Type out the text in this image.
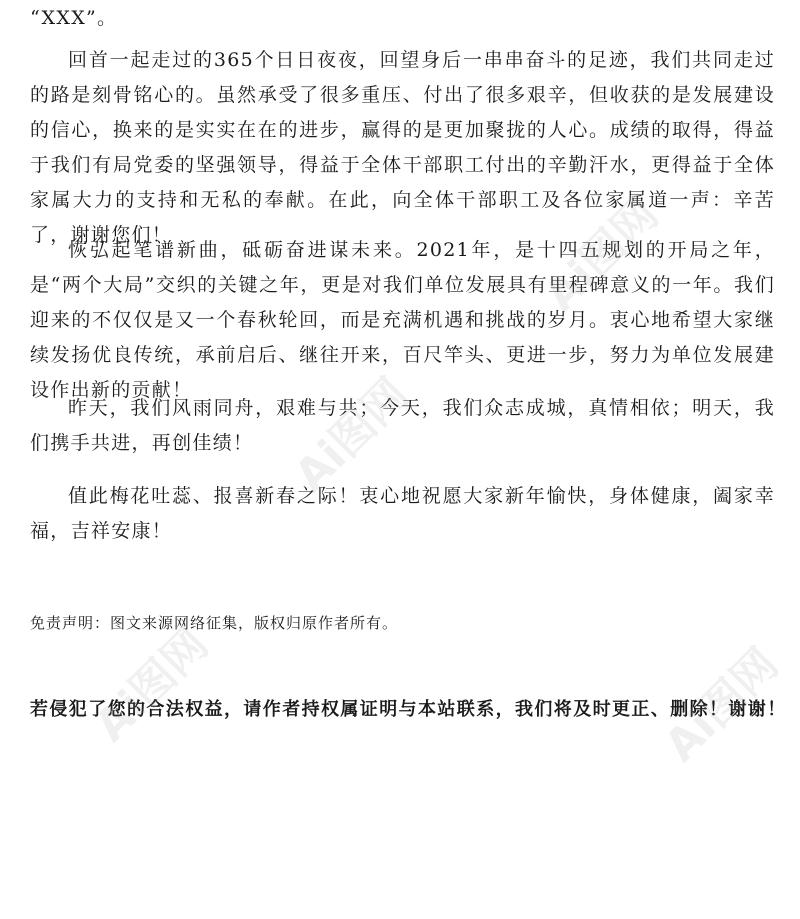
“XXX”。

回首一起走过的365个日日夜夜，回望身后一串串奋斗的足迹，我们共同走过的路是刻骨铭心的。虽然承受了很多重压、付出了很多艰辛，但收获的是发展建设的信心，换来的是实实在在的进步，赢得的是更加聚拢的人心。成绩的取得，得益于我们有局党委的坚强领导，得益于全体干部职工付出的辛勤汗水，更得益于全体家属大力的支持和无私的奉献。在此，向全体干部职工及各位家属道一声：辛苦了，谢谢您们！

恢弘起笔谱新曲，砥砺奋进谋未来。2021年，是十四五规划的开局之年，是“两个大局”交织的关键之年，更是对我们单位发展具有里程碑意义的一年。我们迎来的不仅仅是又一个春秋轮回，而是充满机遇和挑战的岁月。衷心地希望大家继续发扬优良传统，承前启后、继往开来，百尺竿头、更进一步，努力为单位发展建设作出新的贡献！

昨天，我们风雨同舟，艰难与共；今天，我们众志成城，真情相依；明天，我们携手共进，再创佳绩！

值此梅花吐蕊、报喜新春之际！衷心地祝愿大家新年愉快，身体健康，阖家幸福，吉祥安康！

免责声明：图文来源网络征集，版权归原作者所有。

若侵犯了您的合法权益，请作者持权属证明与本站联系，我们将及时更正、删除！谢谢！

Ai图网
Ai图网
Ai图网	Ai图网
